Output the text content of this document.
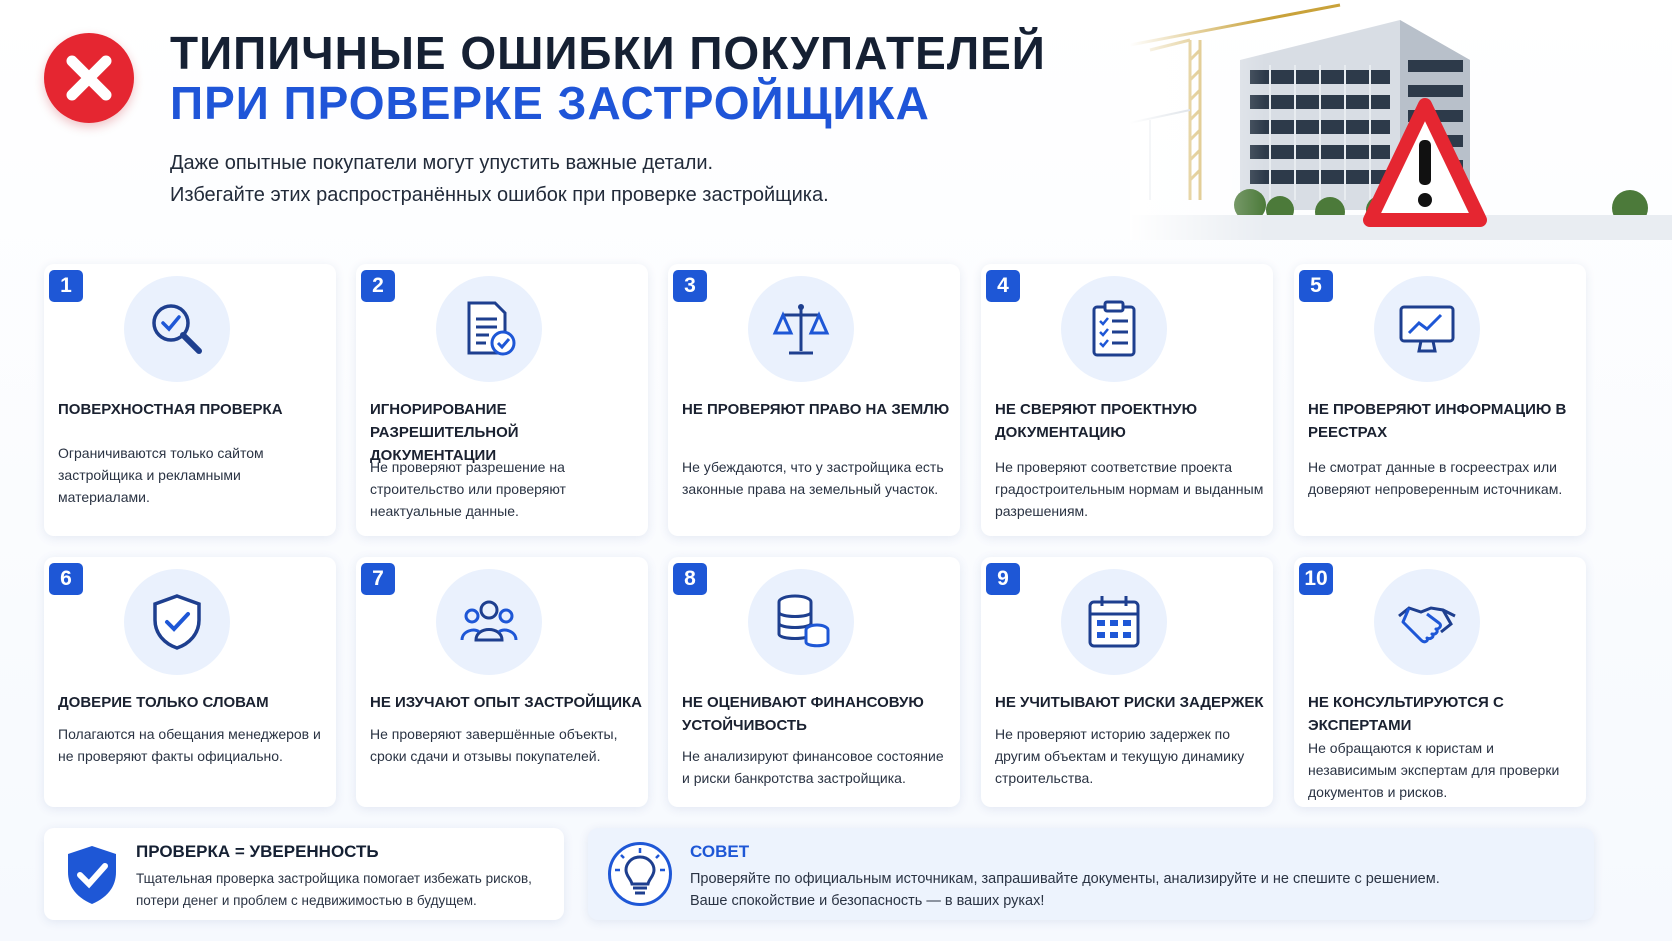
ТИПИЧНЫЕ ОШИБКИ ПОКУПАТЕЛЕЙ
ПРИ ПРОВЕРКЕ ЗАСТРОЙЩИКА
Даже опытные покупатели могут упустить важные детали.
Избегайте этих распространённых ошибок при проверке застройщика.
1
ПОВЕРХНОСТНАЯ ПРОВЕРКА
Ограничиваются только сайтом застройщика и рекламными материалами.
2
ИГНОРИРОВАНИЕ РАЗРЕШИТЕЛЬНОЙ ДОКУМЕНТАЦИИ
Не проверяют разрешение на строительство или проверяют неактуальные данные.
3
НЕ ПРОВЕРЯЮТ ПРАВО НА ЗЕМЛЮ
Не убеждаются, что у застройщика есть законные права на земельный участок.
4
НЕ СВЕРЯЮТ ПРОЕКТНУЮ ДОКУМЕНТАЦИЮ
Не проверяют соответствие проекта градостроительным нормам и выданным разрешениям.
5
НЕ ПРОВЕРЯЮТ ИНФОРМАЦИЮ В РЕЕСТРАХ
Не смотрат данные в госреестрах или доверяют непроверенным источникам.
6
ДОВЕРИЕ ТОЛЬКО СЛОВАМ
Полагаются на обещания менеджеров и не проверяют факты официально.
7
НЕ ИЗУЧАЮТ ОПЫТ ЗАСТРОЙЩИКА
Не проверяют завершённые объекты, сроки сдачи и отзывы покупателей.
8
НЕ ОЦЕНИВАЮТ ФИНАНСОВУЮ УСТОЙЧИВОСТЬ
Не анализируют финансовое состояние и риски банкротства застройщика.
9
НЕ УЧИТЫВАЮТ РИСКИ ЗАДЕРЖЕК
Не проверяют историю задержек по другим объектам и текущую динамику строительства.
10
НЕ КОНСУЛЬТИРУЮТСЯ С ЭКСПЕРТАМИ
Не обращаются к юристам и независимым экспертам для проверки документов и рисков.
ПРОВЕРКА = УВЕРЕННОСТЬ
Тщательная проверка застройщика помогает избежать рисков,
потери денег и проблем с недвижимостью в будущем.
СОВЕТ
Проверяйте по официальным источникам, запрашивайте документы, анализируйте и не спешите с решением.
Ваше спокойствие и безопасность — в ваших руках!
